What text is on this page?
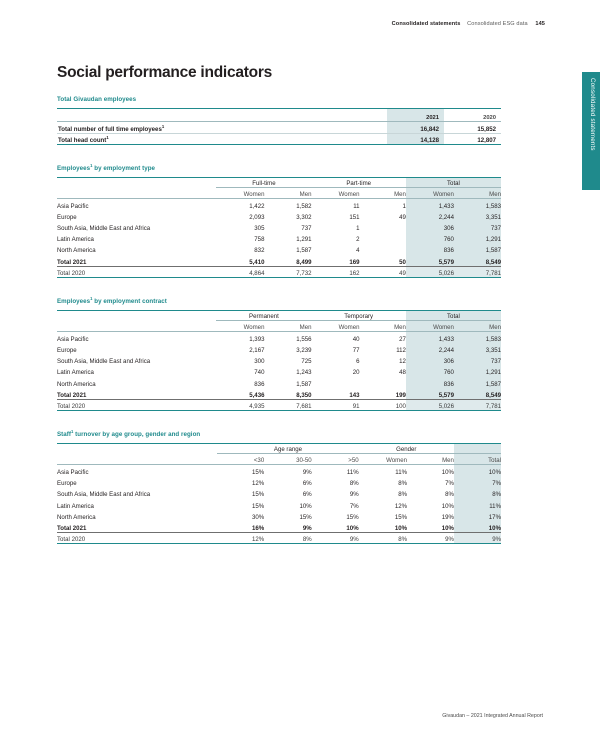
Consolidated statements Consolidated ESG data 145
Consolidated statements
Social performance indicators
Total Givaudan employees

	2021	2020
Total number of full time employees$^1$	16,842	15,852
Total head count$^1$	14,128	12,807
Employees$^1$ by employment type

	Full-time		Part-time		Total	
	Women	Men	Women	Men	Women	Men
Asia Pacific	1,422	1,582	11	1	1,433	1,583
Europe	2,093	3,302	151	49	2,244	3,351
South Asia, Middle East and Africa	305	737	1		306	737
Latin America	758	1,291	2		760	1,291
North America	832	1,587	4		836	1,587
Total 2021	5,410	8,499	169	50	5,579	8,549
Total 2020	4,864	7,732	162	49	5,026	7,781
Employees$^1$ by employment contract

	Permanent		Temporary		Total	
	Women	Men	Women	Men	Women	Men
Asia Pacific	1,393	1,556	40	27	1,433	1,583
Europe	2,167	3,239	77	112	2,244	3,351
South Asia, Middle East and Africa	300	725	6	12	306	737
Latin America	740	1,243	20	48	760	1,291
North America	836	1,587			836	1,587
Total 2021	5,436	8,350	143	199	5,579	8,549
Total 2020	4,935	7,681	91	100	5,026	7,781
Staff$^1$ turnover by age group, gender and region

	Age range			Gender		
	<30	30-50	>50	Women	Men	Total
Asia Pacific	15%	9%	11%	11%	10%	10%
Europe	12%	6%	8%	8%	7%	7%
South Asia, Middle East and Africa	15%	6%	9%	8%	8%	8%
Latin America	15%	10%	7%	12%	10%	11%
North America	30%	15%	15%	15%	19%	17%
Total 2021	16%	9%	10%	10%	10%	10%
Total 2020	12%	8%	9%	8%	9%	9%
Givaudan – 2021 Integrated Annual Report
